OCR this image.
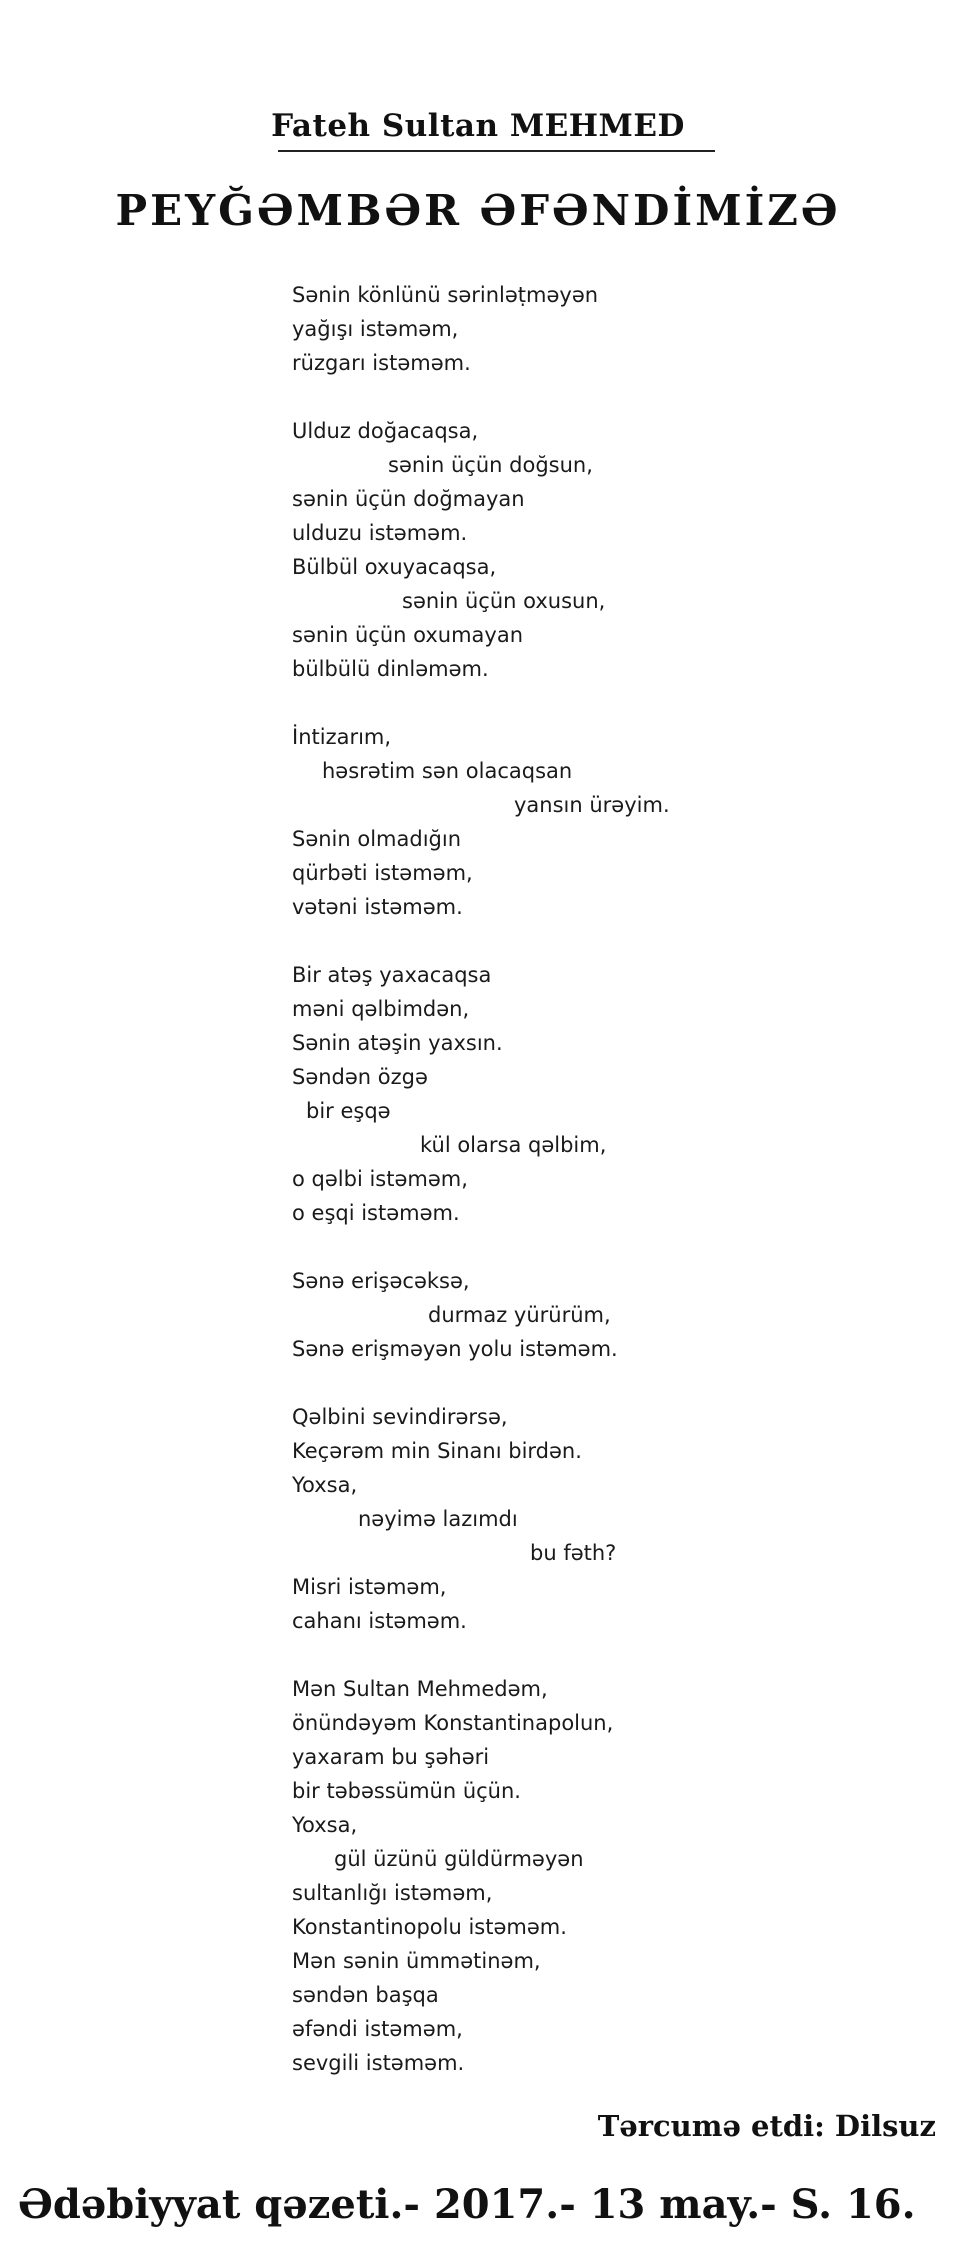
Fateh Sultan MEHMED
PEYĞƏMBƏR ƏFƏNDİMİZƏ
Sənin könlünü sərinləṭməyən
yağışı istəməm,
rüzgarı istəməm.
Ulduz doğacaqsa,
sənin üçün doğsun,
sənin üçün doğmayan
ulduzu istəməm.
Bülbül oxuyacaqsa,
sənin üçün oxusun,
sənin üçün oxumayan
bülbülü dinləməm.
İntizarım,
həsrətim sən olacaqsan
yansın ürəyim.
Sənin olmadığın
qürbəti istəməm,
vətəni istəməm.
Bir atəş yaxacaqsa
məni qəlbimdən,
Sənin atəşin yaxsın.
Səndən özgə
bir eşqə
kül olarsa qəlbim,
o qəlbi istəməm,
o eşqi istəməm.
Sənə erişəcəksə,
durmaz yürürüm,
Sənə erişməyən yolu istəməm.
Qəlbini sevindirərsə,
Keçərəm min Sinanı birdən.
Yoxsa,
nəyimə lazımdı
bu fəth?
Misri istəməm,
cahanı istəməm.
Mən Sultan Mehmedəm,
önündəyəm Konstantinapolun,
yaxaram bu şəhəri
bir təbəssümün üçün.
Yoxsa,
gül üzünü güldürməyən
sultanlığı istəməm,
Konstantinopolu istəməm.
Mən sənin ümmətinəm,
səndən başqa
əfəndi istəməm,
sevgili istəməm.
Tərcumə etdi: Dilsuz
Ədəbiyyat qəzeti.- 2017.- 13 may.- S. 16.
